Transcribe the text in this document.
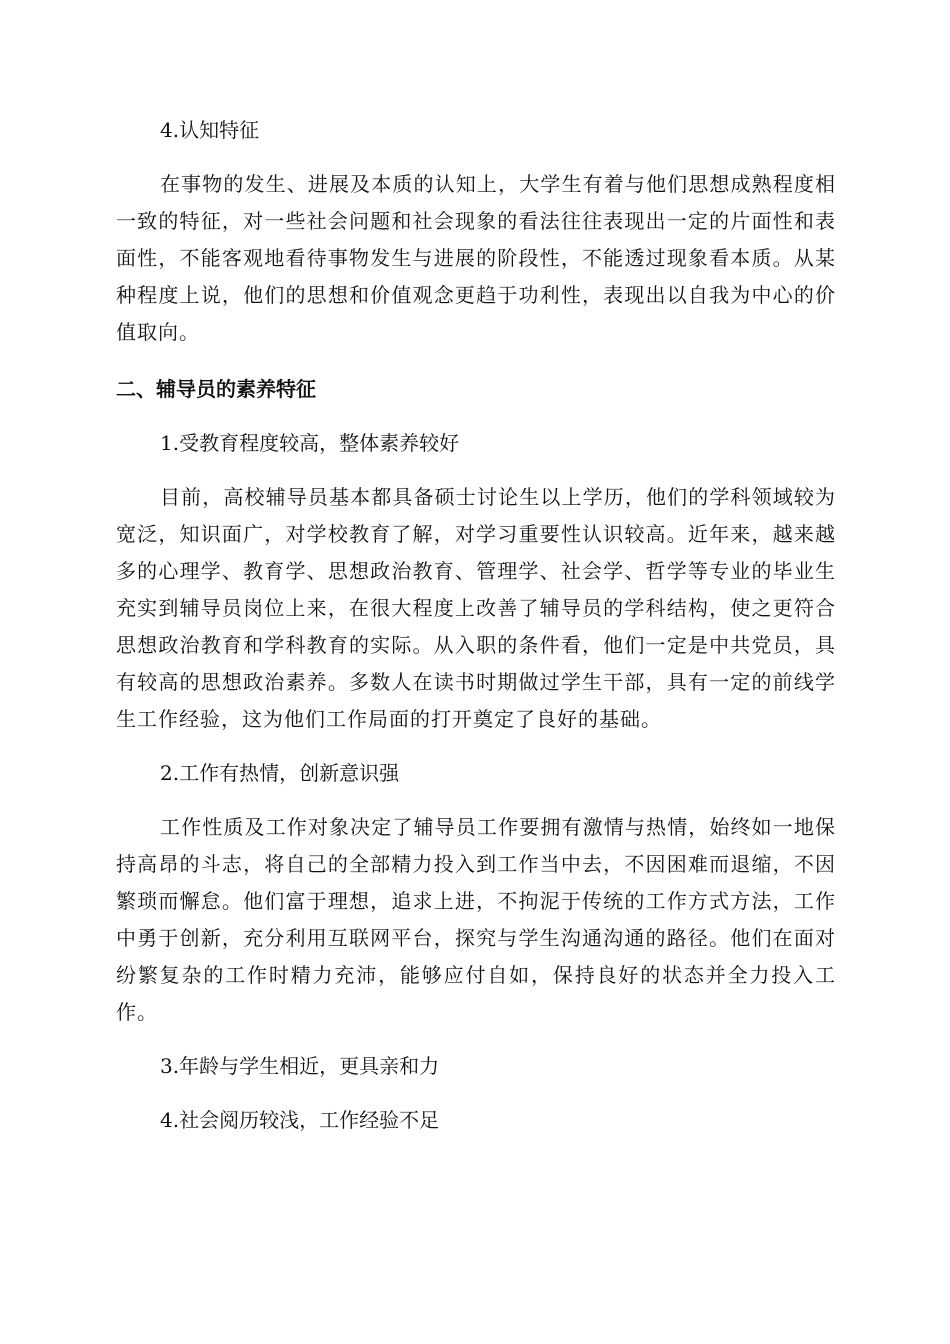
4.认知特征

在事物的发生、进展及本质的认知上，大学生有着与他们思想成熟程度相一致的特征，对一些社会问题和社会现象的看法往往表现出一定的片面性和表面性，不能客观地看待事物发生与进展的阶段性，不能透过现象看本质。从某种程度上说，他们的思想和价值观念更趋于功利性，表现出以自我为中心的价值取向。

二、辅导员的素养特征

1.受教育程度较高，整体素养较好

目前，高校辅导员基本都具备硕士讨论生以上学历，他们的学科领域较为宽泛，知识面广，对学校教育了解，对学习重要性认识较高。近年来，越来越多的心理学、教育学、思想政治教育、管理学、社会学、哲学等专业的毕业生充实到辅导员岗位上来，在很大程度上改善了辅导员的学科结构，使之更符合思想政治教育和学科教育的实际。从入职的条件看，他们一定是中共党员，具有较高的思想政治素养。多数人在读书时期做过学生干部，具有一定的前线学生工作经验，这为他们工作局面的打开奠定了良好的基础。

2.工作有热情，创新意识强

工作性质及工作对象决定了辅导员工作要拥有激情与热情，始终如一地保持高昂的斗志，将自己的全部精力投入到工作当中去，不因困难而退缩，不因繁琐而懈怠。他们富于理想，追求上进，不拘泥于传统的工作方式方法，工作中勇于创新，充分利用互联网平台，探究与学生沟通沟通的路径。他们在面对纷繁复杂的工作时精力充沛，能够应付自如，保持良好的状态并全力投入工作。

3.年龄与学生相近，更具亲和力

4.社会阅历较浅，工作经验不足
